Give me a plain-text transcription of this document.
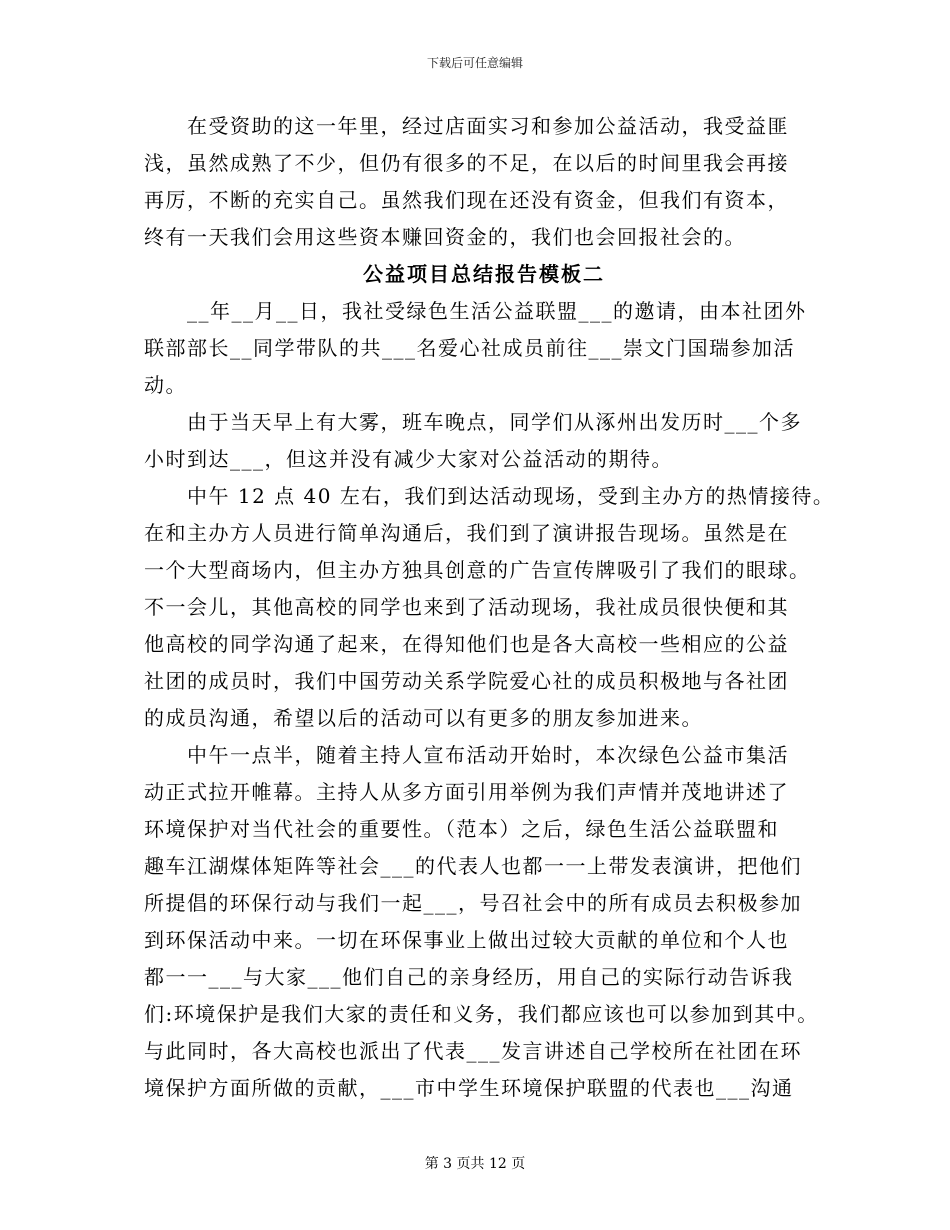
下载后可任意编辑
　　在受资助的这一年里，经过店面实习和参加公益活动，我受益匪
浅，虽然成熟了不少，但仍有很多的不足，在以后的时间里我会再接
再厉，不断的充实自己。虽然我们现在还没有资金，但我们有资本，
终有一天我们会用这些资本赚回资金的，我们也会回报社会的。
公益项目总结报告模板二
　　__年__月__日，我社受绿色生活公益联盟___的邀请，由本社团外
联部部长__同学带队的共___名爱心社成员前往___崇文门国瑞参加活
动。
　　由于当天早上有大雾，班车晚点，同学们从涿州出发历时___个多
小时到达___，但这并没有减少大家对公益活动的期待。
　　中午 12 点 40 左右，我们到达活动现场，受到主办方的热情接待。
在和主办方人员进行简单沟通后，我们到了演讲报告现场。虽然是在
一个大型商场内，但主办方独具创意的广告宣传牌吸引了我们的眼球。
不一会儿，其他高校的同学也来到了活动现场，我社成员很快便和其
他高校的同学沟通了起来，在得知他们也是各大高校一些相应的公益
社团的成员时，我们中国劳动关系学院爱心社的成员积极地与各社团
的成员沟通，希望以后的活动可以有更多的朋友参加进来。
　　中午一点半，随着主持人宣布活动开始时，本次绿色公益市集活
动正式拉开帷幕。主持人从多方面引用举例为我们声情并茂地讲述了
环境保护对当代社会的重要性。（范本）之后，绿色生活公益联盟和
趣车江湖煤体矩阵等社会___的代表人也都一一上带发表演讲，把他们
所提倡的环保行动与我们一起___，号召社会中的所有成员去积极参加
到环保活动中来。一切在环保事业上做出过较大贡献的单位和个人也
都一一___与大家___他们自己的亲身经历，用自己的实际行动告诉我
们:环境保护是我们大家的责任和义务，我们都应该也可以参加到其中。
与此同时，各大高校也派出了代表___发言讲述自己学校所在社团在环
境保护方面所做的贡献，___市中学生环境保护联盟的代表也___沟通
第 3 页共 12 页
